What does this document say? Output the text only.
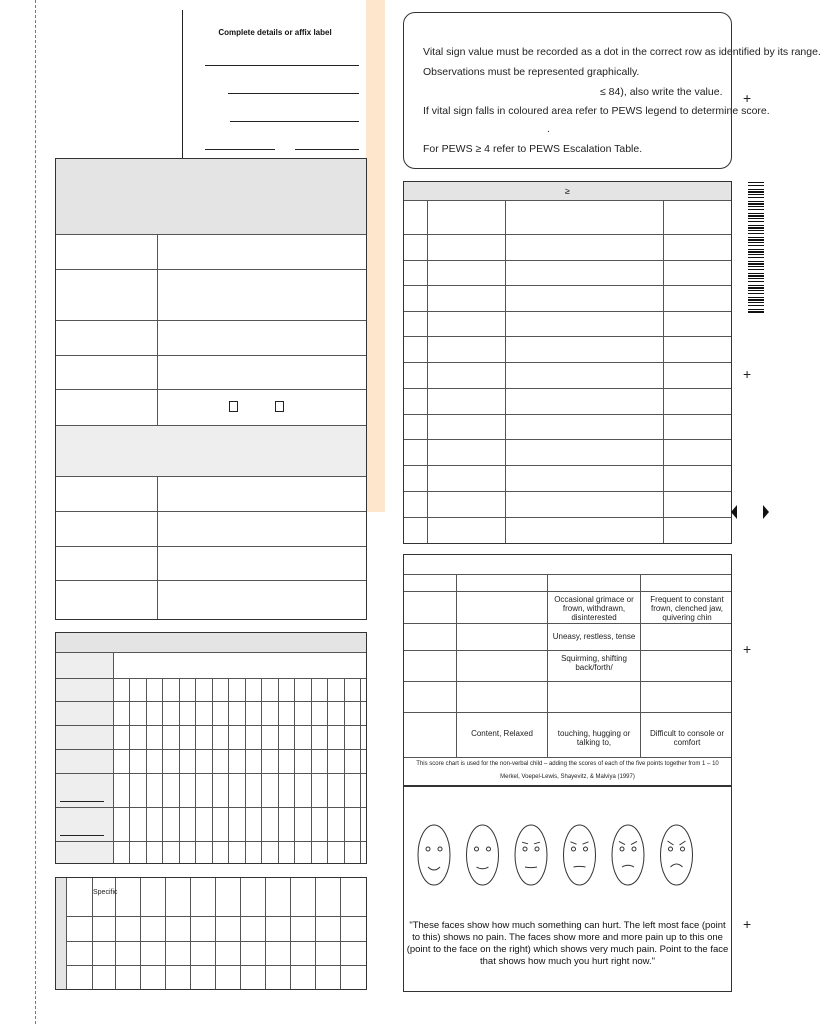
Complete details or affix label

Vital sign value must be recorded as a dot in the correct row as identified by its range.

Observations must be represented graphically.

≤ 84), also write the value.

If vital sign falls in coloured area refer to PEWS legend to determine score.

.

For PEWS ≥ 4 refer to PEWS Escalation Table.

Specific
≥
+
+
+
+
Occasional grimace or frown, withdrawn, disinterested
Frequent to constant frown, clenched jaw, quivering chin
Uneasy, restless, tense
Squirming, shifting back/forth/
Content, Relaxed	touching, hugging or talking to,
Difficult to console or comfort
This score chart is used for the non-verbal child – adding the scores of each of the five points together from 1 – 10
Merkel, Voepel-Lewis, Shayevitz, & Malviya (1997)
"These faces show how much something can hurt. The left most face (point to this) shows no pain. The faces show more and more pain up to this one (point to the face on the right) which shows very much pain. Point to the face that shows how much you hurt right now."
